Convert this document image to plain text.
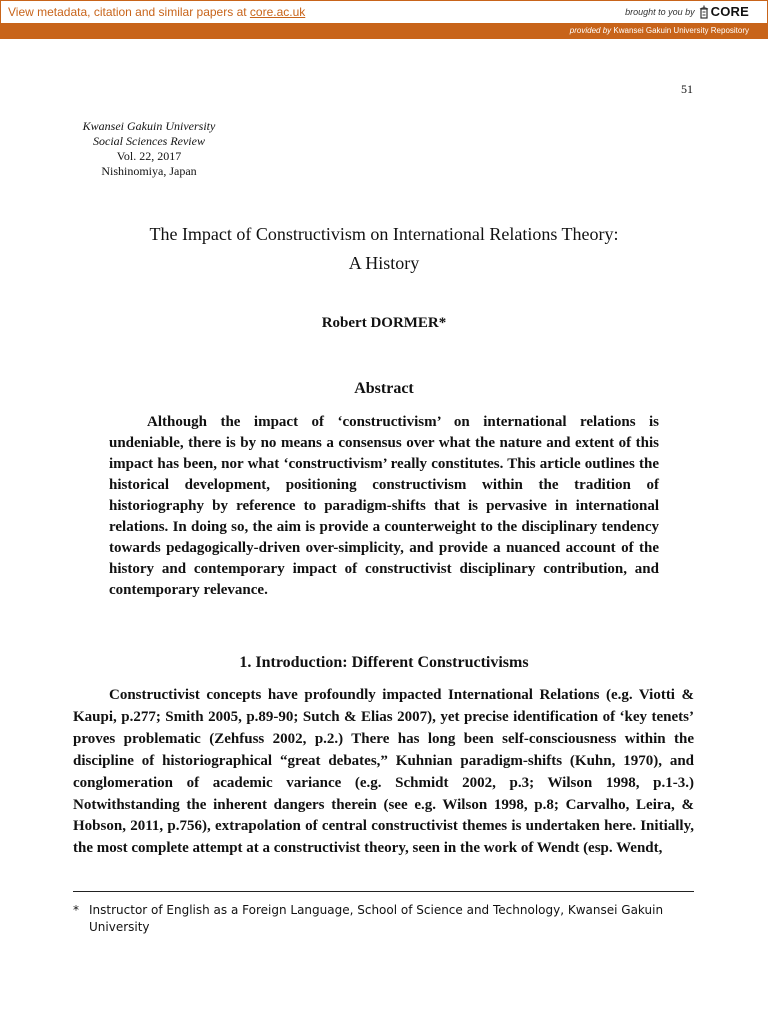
View metadata, citation and similar papers at core.ac.uk	brought to you by CORE
provided by Kwansei Gakuin University Repository
51
Kwansei Gakuin University
Social Sciences Review
Vol. 22, 2017
Nishinomiya, Japan
The Impact of Constructivism on International Relations Theory:
A History
Robert DORMER*
Abstract

Although the impact of ‘constructivism’ on international relations is undeniable, there is by no means a consensus over what the nature and extent of this impact has been, nor what ‘constructivism’ really constitutes. This article outlines the historical development, positioning constructivism within the tradition of historiography by reference to paradigm-shifts that is pervasive in international relations. In doing so, the aim is provide a counterweight to the disciplinary tendency towards pedagogically-driven over-simplicity, and provide a nuanced account of the history and contemporary impact of constructivist disciplinary contribution, and contemporary relevance.

1. Introduction: Different Constructivisms

Constructivist concepts have profoundly impacted International Relations (e.g. Viotti & Kaupi, p.277; Smith 2005, p.89-90; Sutch & Elias 2007), yet precise identification of ‘key tenets’ proves problematic (Zehfuss 2002, p.2.) There has long been self-consciousness within the discipline of historiographical “great debates,” Kuhnian paradigm-shifts (Kuhn, 1970), and conglomeration of academic variance (e.g. Schmidt 2002, p.3; Wilson 1998, p.1-3.) Notwithstanding the inherent dangers therein (see e.g. Wilson 1998, p.8; Carvalho, Leira, & Hobson, 2011, p.756), extrapolation of central constructivist themes is undertaken here. Initially, the most complete attempt at a constructivist theory, seen in the work of Wendt (esp. Wendt,

* Instructor of English as a Foreign Language, School of Science and Technology, Kwansei Gakuin University
